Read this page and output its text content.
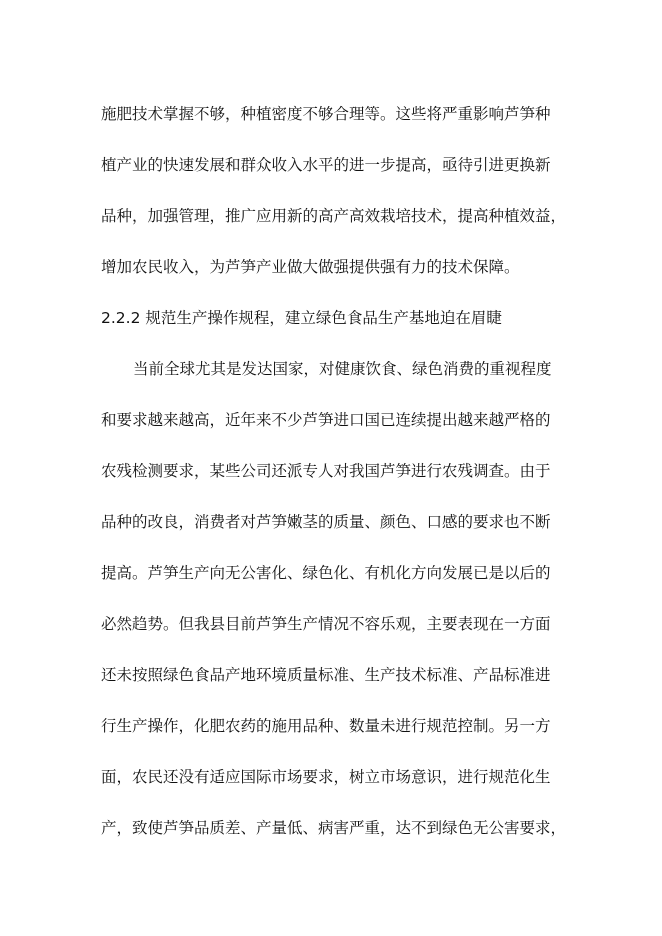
施肥技术掌握不够，种植密度不够合理等。这些将严重影响芦笋种
植产业的快速发展和群众收入水平的进一步提高，亟待引进更换新
品种，加强管理，推广应用新的高产高效栽培技术，提高种植效益，
增加农民收入，为芦笋产业做大做强提供强有力的技术保障。
2.2.2 规范生产操作规程，建立绿色食品生产基地迫在眉睫
当前全球尤其是发达国家，对健康饮食、绿色消费的重视程度
和要求越来越高，近年来不少芦笋进口国已连续提出越来越严格的
农残检测要求，某些公司还派专人对我国芦笋进行农残调查。由于
品种的改良，消费者对芦笋嫩茎的质量、颜色、口感的要求也不断
提高。芦笋生产向无公害化、绿色化、有机化方向发展已是以后的
必然趋势。但我县目前芦笋生产情况不容乐观，主要表现在一方面
还未按照绿色食品产地环境质量标准、生产技术标准、产品标准进
行生产操作，化肥农药的施用品种、数量未进行规范控制。另一方
面，农民还没有适应国际市场要求，树立市场意识，进行规范化生
产，致使芦笋品质差、产量低、病害严重，达不到绿色无公害要求，
